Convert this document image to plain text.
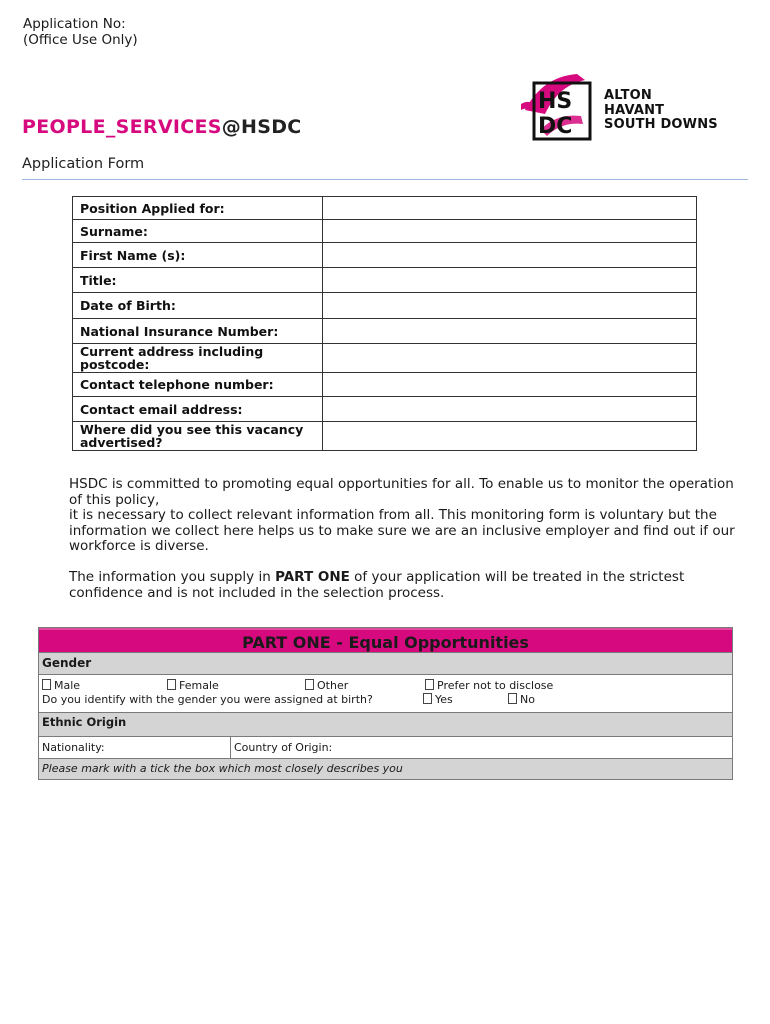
Application No:
(Office Use Only)
HS
DC
ALTON
HAVANT
SOUTH DOWNS
PEOPLE_SERVICES@HSDC
Application Form
Position Applied for:	
Surname:	
First Name (s):	
Title:	
Date of Birth:	
National Insurance Number:	
Current address including postcode:	
Contact telephone number:	
Contact email address:	
Where did you see this vacancy advertised?	
HSDC is committed to promoting equal opportunities for all. To enable us to monitor the operation of this policy,
it is necessary to collect relevant information from all. This monitoring form is voluntary but the information we collect here helps us to make sure we are an inclusive employer and find out if our workforce is diverse.
The information you supply in PART ONE of your application will be treated in the strictest confidence and is not included in the selection process.
PART ONE - Equal Opportunities
Gender
Male	Female	Other	Prefer not to disclose
Do you identify with the gender you were assigned at birth?	Yes	No
Ethnic Origin
Nationality:	Country of Origin:
Please mark with a tick the box which most closely describes you
